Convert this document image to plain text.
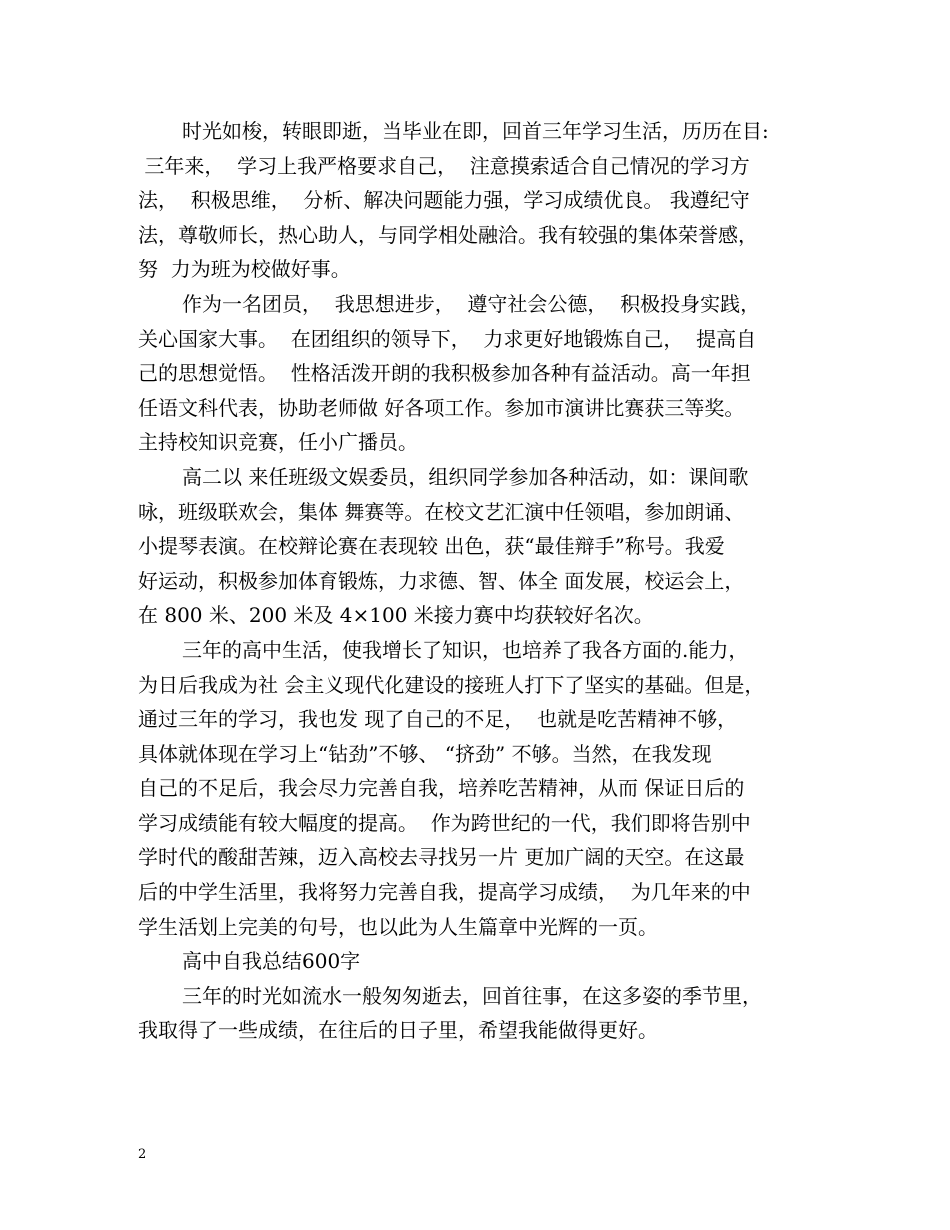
时光如梭，转眼即逝，当毕业在即，回首三年学习生活，历历在目:
三年来，  学习上我严格要求自己，  注意摸索适合自己情况的学习方
法，  积极思维，  分析、解决问题能力强，学习成绩优良。 我遵纪守
法，尊敬师长，热心助人，与同学相处融洽。我有较强的集体荣誉感，
努  力为班为校做好事。
作为一名团员，  我思想进步，  遵守社会公德，  积极投身实践，
关心国家大事。  在团组织的领导下，  力求更好地锻炼自己，  提高自
己的思想觉悟。  性格活泼开朗的我积极参加各种有益活动。高一年担
任语文科代表，协助老师做 好各项工作。参加市演讲比赛获三等奖。
主持校知识竞赛，任小广播员。
高二以 来任班级文娱委员，组织同学参加各种活动，如：课间歌
咏，班级联欢会，集体 舞赛等。在校文艺汇演中任领唱，参加朗诵、
小提琴表演。在校辩论赛在表现较 出色，获“最佳辩手”称号。我爱
好运动，积极参加体育锻炼，力求德、智、体全 面发展，校运会上，
在 800 米、200 米及 4×100 米接力赛中均获较好名次。
三年的高中生活，使我增长了知识，也培养了我各方面的.能力，
为日后我成为社 会主义现代化建设的接班人打下了坚实的基础。但是，
通过三年的学习，我也发 现了自己的不足，  也就是吃苦精神不够，
具体就体现在学习上“钻劲”不够、 “挤劲” 不够。当然，在我发现
自己的不足后，我会尽力完善自我，培养吃苦精神，从而 保证日后的
学习成绩能有较大幅度的提高。  作为跨世纪的一代，我们即将告别中
学时代的酸甜苦辣，迈入高校去寻找另一片 更加广阔的天空。在这最
后的中学生活里，我将努力完善自我，提高学习成绩，  为几年来的中
学生活划上完美的句号，也以此为人生篇章中光辉的一页。
高中自我总结600字
三年的时光如流水一般匆匆逝去，回首往事，在这多姿的季节里，
我取得了一些成绩，在往后的日子里，希望我能做得更好。
2
